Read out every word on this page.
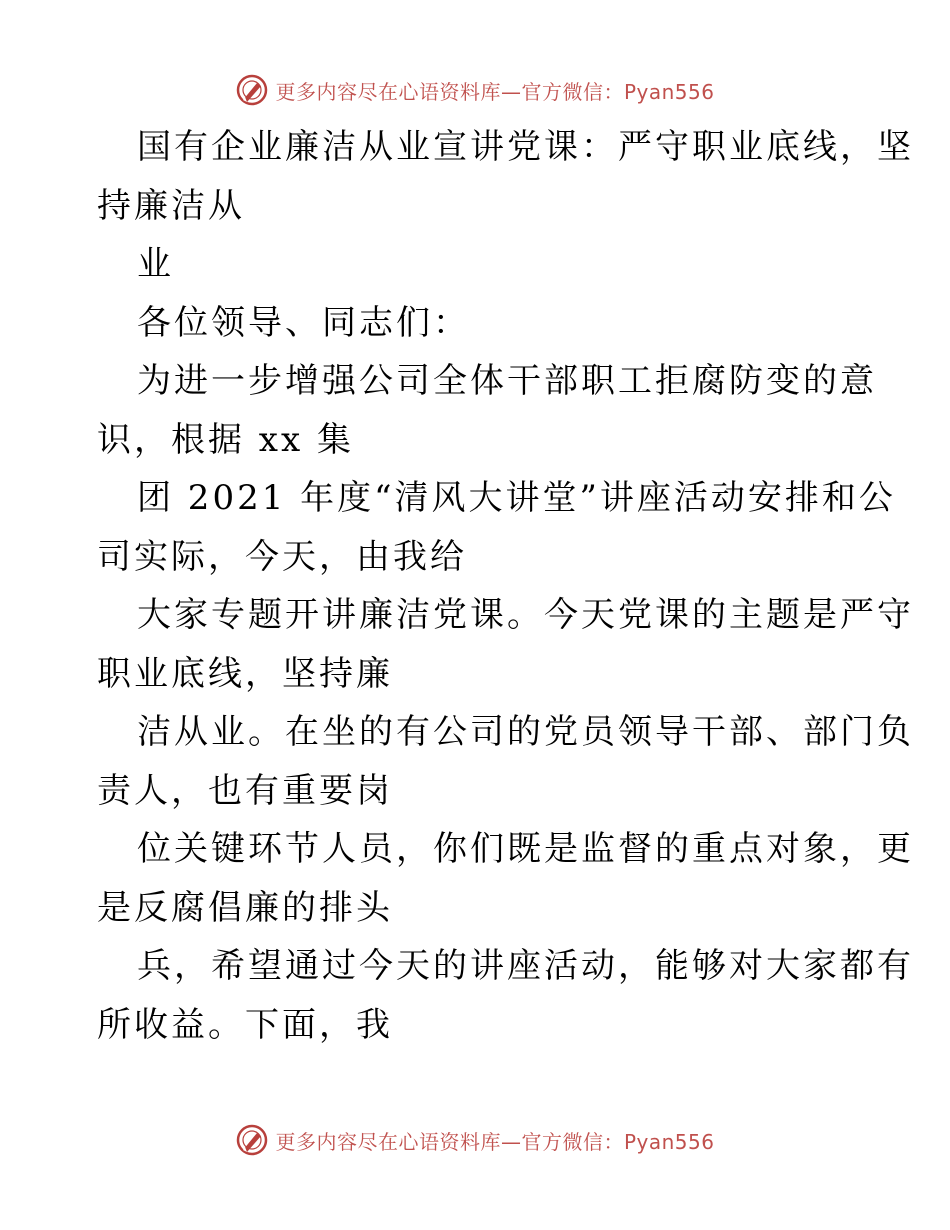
更多内容尽在心语资料库—官方微信：Pyan556
国有企业廉洁从业宣讲党课：严守职业底线，坚
持廉洁从
业
各位领导、同志们：
为进一步增强公司全体干部职工拒腐防变的意
识，根据 xx 集
团 2021 年度“清风大讲堂”讲座活动安排和公
司实际，今天，由我给
大家专题开讲廉洁党课。今天党课的主题是严守
职业底线，坚持廉
洁从业。在坐的有公司的党员领导干部、部门负
责人，也有重要岗
位关键环节人员，你们既是监督的重点对象，更
是反腐倡廉的排头
兵，希望通过今天的讲座活动，能够对大家都有
所收益。下面，我
更多内容尽在心语资料库—官方微信：Pyan556
